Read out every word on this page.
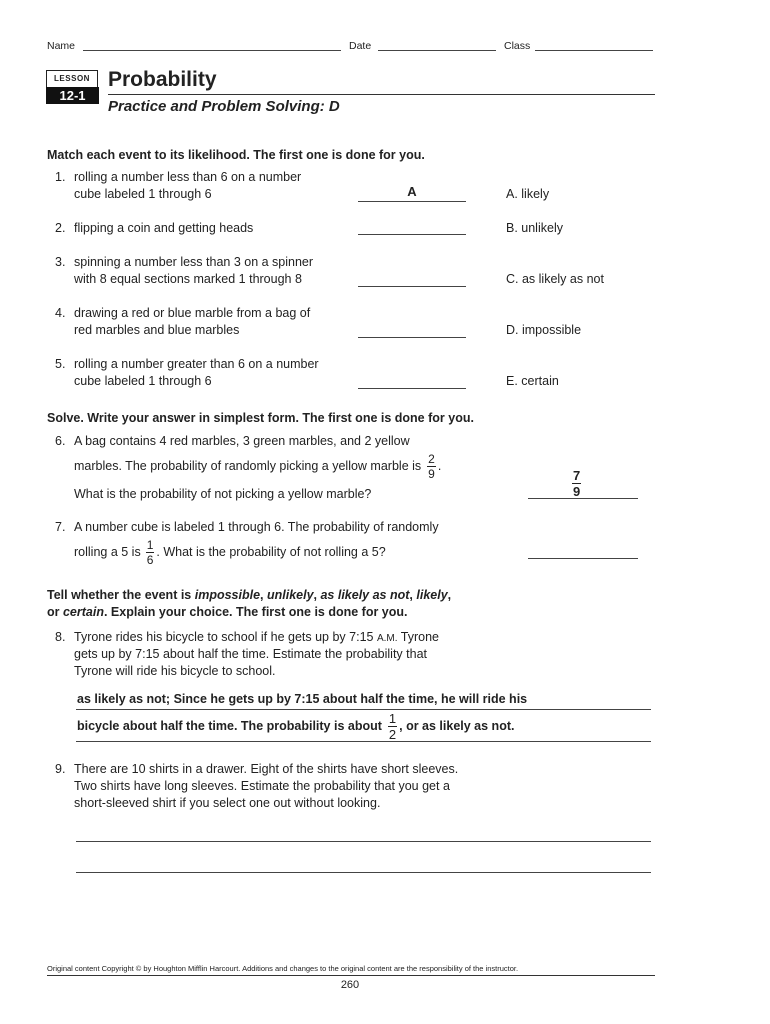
Name	Date	Class
LESSON
12-1
Probability
Practice and Problem Solving: D
Match each event to its likelihood. The first one is done for you.
1. rolling a number less than 6 on a number
cube labeled 1 through 6	A	A. likely
2. flipping a coin and getting heads	B. unlikely
3. spinning a number less than 3 on a spinner
with 8 equal sections marked 1 through 8	C. as likely as not
4. drawing a red or blue marble from a bag of
red marbles and blue marbles	D. impossible
5. rolling a number greater than 6 on a number
cube labeled 1 through 6	E. certain
Solve. Write your answer in simplest form. The first one is done for you.
6. A bag contains 4 red marbles, 3 green marbles, and 2 yellow
marbles. The probability of randomly picking a yellow marble is $\frac{2}{9}$ .
What is the probability of not picking a yellow marble?	$\frac{7}{9}$
7. A number cube is labeled 1 through 6. The probability of randomly
rolling a 5 is $\frac{1}{6}$ . What is the probability of not rolling a 5?
Tell whether the event is impossible, unlikely, as likely as not, likely,
or certain. Explain your choice. The first one is done for you.
8. Tyrone rides his bicycle to school if he gets up by 7:15 A.M. Tyrone
gets up by 7:15 about half the time. Estimate the probability that
Tyrone will ride his bicycle to school.
as likely as not; Since he gets up by 7:15 about half the time, he will ride his
bicycle about half the time. The probability is about $\frac{1}{2}$ , or as likely as not.
9. There are 10 shirts in a drawer. Eight of the shirts have short sleeves.
Two shirts have long sleeves. Estimate the probability that you get a
short-sleeved shirt if you select one out without looking.
Original content Copyright © by Houghton Mifflin Harcourt. Additions and changes to the original content are the responsibility of the instructor.
260
